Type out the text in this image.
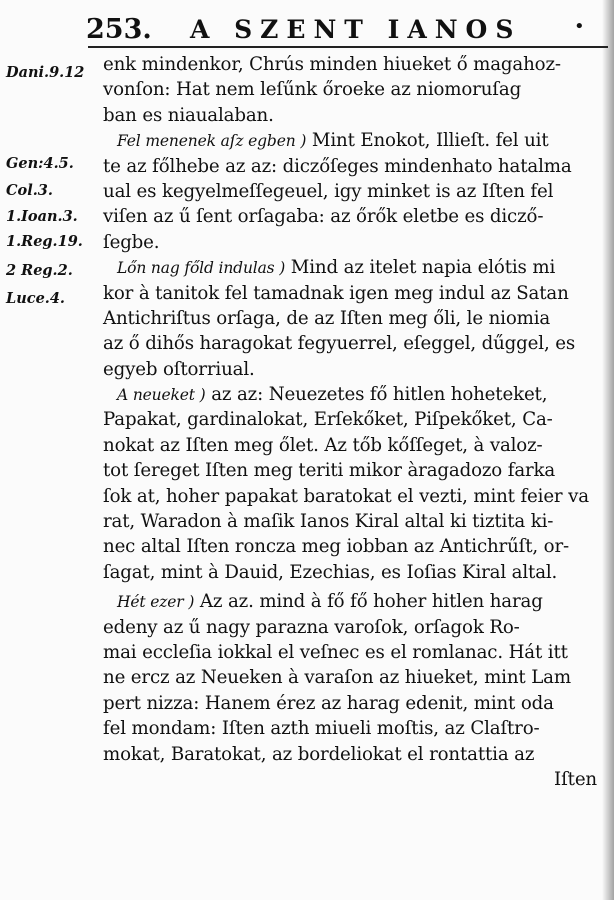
253. A SZENT IANOS	•
Dani.9.12
Gen:4.5.
Col.3.
1.Ioan.3.
1.Reg.19.
2 Reg.2.
Luce.4.
enk mindenkor, Chrús minden hiueket ő magahoz-
vonſon: Hat nem leſűnk őroeke az niomoruſag
ban es niaualaban.
Fel menenek aſz egben ) Mint Enokot, Illieſt. fel uit
te az főlhebe az az: diczőſeges mindenhato hatalma
ual es kegyelmeſſegeuel, igy minket is az Iſten fel
viſen az ű ſent orſagaba: az őrők eletbe es dicző-
ſegbe.
Lőn nag főld indulas ) Mind az itelet napia elótis mi
kor à tanitok fel tamadnak igen meg indul az Satan
Antichriſtus orſaga, de az Iſten meg őli, le niomia
az ő dihős haragokat fegyuerrel, eſeggel, dűggel, es
egyeb oſtorriual.
A neueket ) az az: Neuezetes fő hitlen hoheteket,
Papakat, gardinalokat, Erſekőket, Piſpekőket, Ca-
nokat az Iſten meg őlet. Az tőb kőſſeget, à valoz-
tot ſereget Iſten meg teriti mikor àragadozo farka
ſok at, hoher papakat baratokat el vezti, mint feier va
rat, Waradon à maſik Ianos Kiral altal ki tiztita ki-
nec altal Iſten roncza meg iobban az Antichrűſt, or-
ſagat, mint à Dauid, Ezechias, es Ioſias Kiral altal.
Hét ezer ) Az az. mind à fő fő hoher hitlen harag
edeny az ű nagy parazna varoſok, orſagok Ro-
mai eccleſia iokkal el veſnec es el romlanac. Hát itt
ne ercz az Neueken à varaſon az hiueket, mint Lam
pert nizza: Hanem érez az harag edenit, mint oda
fel mondam: Iſten azth miueli moſtis, az Claſtro-
mokat, Baratokat, az bordeliokat el rontattia az
Iſten
